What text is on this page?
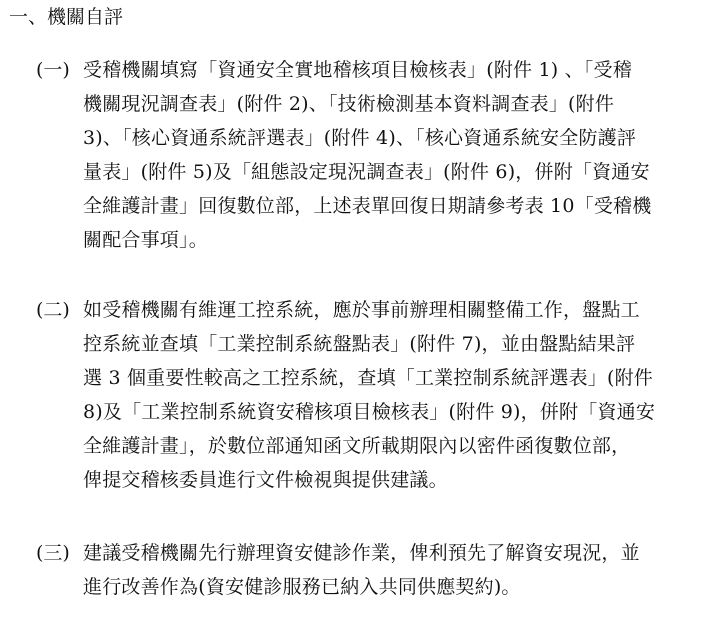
一、機關自評
(一) 受稽機關填寫「資通安全實地稽核項目檢核表」(附件 1) 、「受稽
機關現況調查表」(附件 2)、「技術檢測基本資料調查表」(附件
3)、「核心資通系統評選表」(附件 4)、「核心資通系統安全防護評
量表」(附件 5)及「組態設定現況調查表」(附件 6)，併附「資通安
全維護計畫」回復數位部，上述表單回復日期請參考表 10「受稽機
關配合事項」。
(二) 如受稽機關有維運工控系統，應於事前辦理相關整備工作，盤點工
控系統並查填「工業控制系統盤點表」(附件 7)，並由盤點結果評
選 3 個重要性較高之工控系統，查填「工業控制系統評選表」(附件
8)及「工業控制系統資安稽核項目檢核表」(附件 9)，併附「資通安
全維護計畫」，於數位部通知函文所載期限內以密件函復數位部，
俾提交稽核委員進行文件檢視與提供建議。
(三) 建議受稽機關先行辦理資安健診作業，俾利預先了解資安現況，並
進行改善作為(資安健診服務已納入共同供應契約)。
